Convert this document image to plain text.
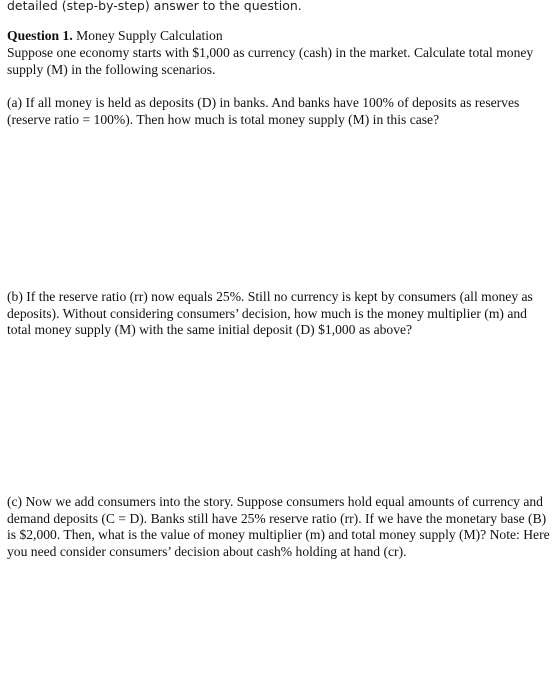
detailed (step-by-step) answer to the question.

Question 1. Money Supply Calculation

Suppose one economy starts with $1,000 as currency (cash) in the market. Calculate total money supply (M) in the following scenarios.

(a) If all money is held as deposits (D) in banks. And banks have 100% of deposits as reserves (reserve ratio = 100%). Then how much is total money supply (M) in this case?

(b) If the reserve ratio (rr) now equals 25%. Still no currency is kept by consumers (all money as deposits). Without considering consumers’ decision, how much is the money multiplier (m) and total money supply (M) with the same initial deposit (D) $1,000 as above?

(c) Now we add consumers into the story. Suppose consumers hold equal amounts of currency and demand deposits (C = D). Banks still have 25% reserve ratio (rr). If we have the monetary base (B) is $2,000. Then, what is the value of money multiplier (m) and total money supply (M)? Note: Here you need consider consumers’ decision about cash% holding at hand (cr).
